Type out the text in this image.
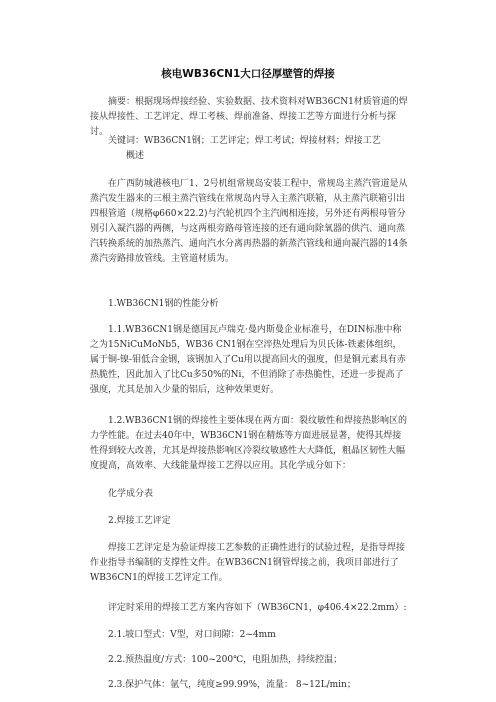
核电WB36CN1大口径厚壁管的焊接

摘要：根据现场焊接经验、实验数据、技术资料对WB36CN1材质管道的焊接从焊接性、工艺评定、焊工考核、焊前准备、焊接工艺等方面进行分析与探讨。

关键词：WB36CN1钢；工艺评定；焊工考试；焊接材料；焊接工艺

概述

在广西防城港核电厂1、2号机组常规岛安装工程中，常规岛主蒸汽管道是从蒸汽发生器来的三根主蒸汽管线在常规岛内导入主蒸汽联箱，从主蒸汽联箱引出四根管道（规格φ660×22.2)与汽轮机四个主汽阀相连接，另外还有两根母管分别引入凝汽器的两侧，与这两根旁路母管连接的还有通向除氧器的供汽、通向蒸汽转换系统的加热蒸汽、通向汽水分离再热器的新蒸汽管线和通向凝汽器的14条蒸汽旁路排放管线。主管道材质为。

1.WB36CN1钢的性能分析

1.1.WB36CN1钢是德国瓦卢瑞克·曼内斯曼企业标准号，在DIN标准中称之为15NiCuMoNb5，WB36 CN1钢在空淬热处理后为贝氏体-铁素体组织，属于铜-镍-钼低合金钢，该钢加入了Cu用以提高回火的强度，但是铜元素具有赤热脆性，因此加入了比Cu多50%的Ni，不但消除了赤热脆性，还进一步提高了强度，尤其是加入少量的铝后，这种效果更好。

1.2.WB36CN1钢的焊接性主要体现在两方面：裂纹敏性和焊接热影响区的力学性能。在过去40年中，WB36CN1钢在精炼等方面进展显著，使得其焊接性得到较大改善，尤其是焊接热影响区冷裂纹敏感性大大降低，粗晶区韧性大幅度提高，高效率、大线能量焊接工艺得以应用。其化学成分如下：

化学成分表

2.焊接工艺评定

焊接工艺评定是为验证焊接工艺参数的正确性进行的试验过程，是指导焊接作业指导书编制的支撑性文件。在WB36CN1钢管焊接之前，我项目部进行了WB36CN1的焊接工艺评定工作。

评定时采用的焊接工艺方案内容如下（WB36CN1，φ406.4×22.2mm）:

2.1.坡口型式：V型，对口间隙：2~4mm

2.2.预热温度/方式：100~200℃，电阻加热，持续控温；

2.3.保护气体：氩气，纯度≥99.99%，流量： 8~12L/min；
